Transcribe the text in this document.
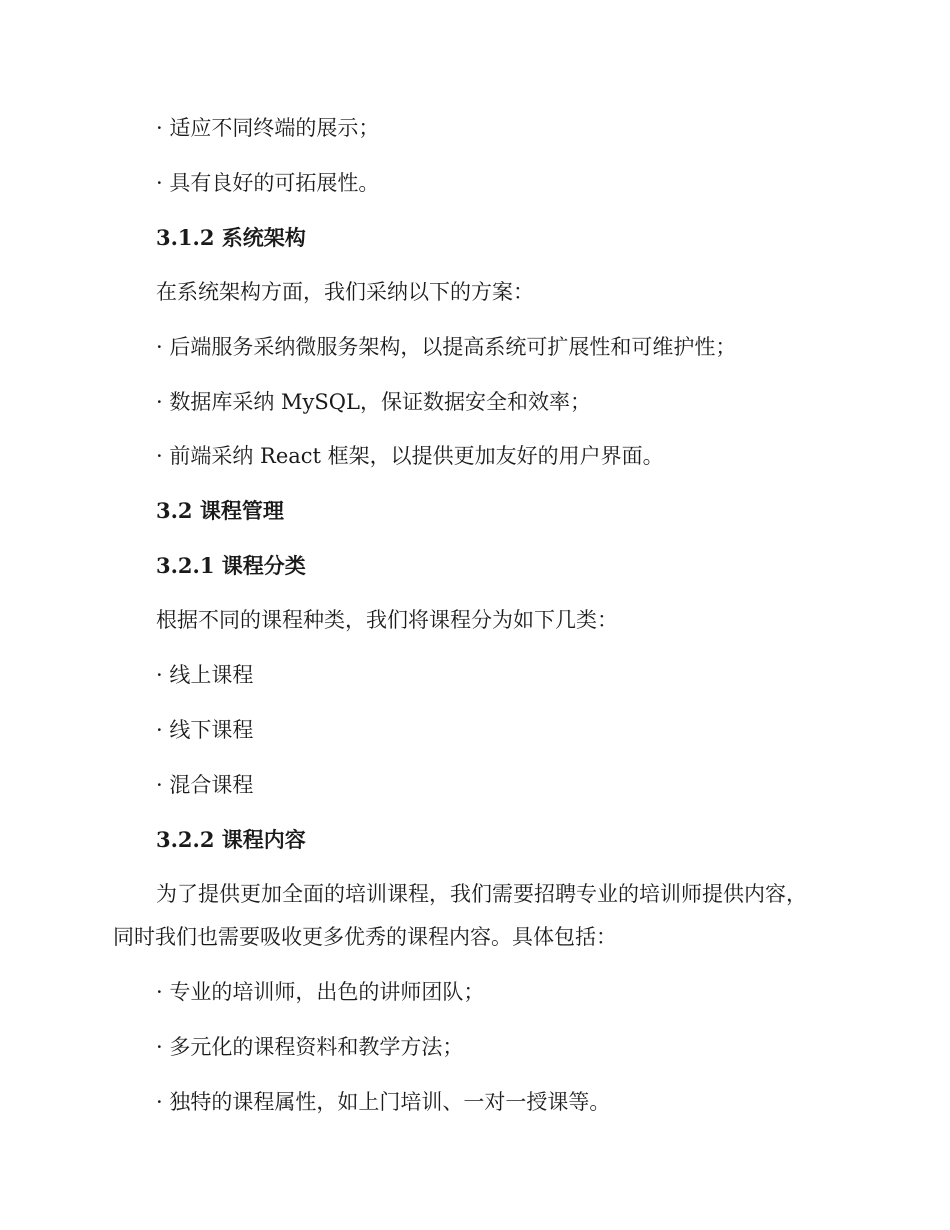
· 适应不同终端的展示；
· 具有良好的可拓展性。
3.1.2 系统架构
在系统架构方面，我们采纳以下的方案：
· 后端服务采纳微服务架构，以提高系统可扩展性和可维护性；
· 数据库采纳 MySQL，保证数据安全和效率；
· 前端采纳 React 框架，以提供更加友好的用户界面。
3.2 课程管理
3.2.1 课程分类
根据不同的课程种类，我们将课程分为如下几类：
· 线上课程
· 线下课程
· 混合课程
3.2.2 课程内容
为了提供更加全面的培训课程，我们需要招聘专业的培训师提供内容，
同时我们也需要吸收更多优秀的课程内容。具体包括：
· 专业的培训师，出色的讲师团队；
· 多元化的课程资料和教学方法；
· 独特的课程属性，如上门培训、一对一授课等。
